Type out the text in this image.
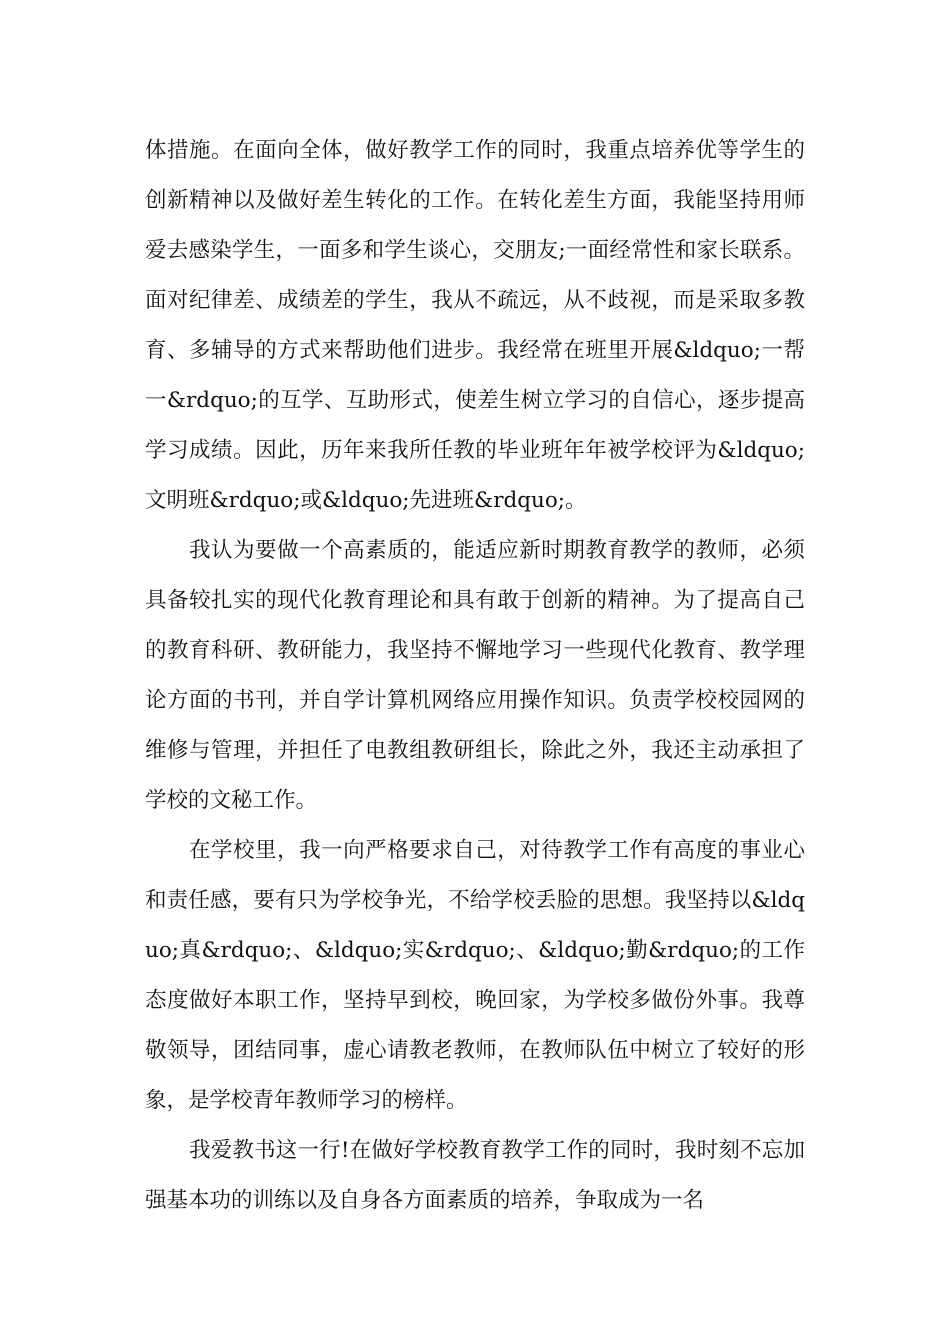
体措施。在面向全体，做好教学工作的同时，我重点培养优等学生的创新精神以及做好差生转化的工作。在转化差生方面，我能坚持用师爱去感染学生，一面多和学生谈心，交朋友;一面经常性和家长联系。面对纪律差、成绩差的学生，我从不疏远，从不歧视，而是采取多教育、多辅导的方式来帮助他们进步。我经常在班里开展&ldquo;一帮一&rdquo;的互学、互助形式，使差生树立学习的自信心，逐步提高学习成绩。因此，历年来我所任教的毕业班年年被学校评为&ldquo;文明班&rdquo;或&ldquo;先进班&rdquo;。

我认为要做一个高素质的，能适应新时期教育教学的教师，必须具备较扎实的现代化教育理论和具有敢于创新的精神。为了提高自己的教育科研、教研能力，我坚持不懈地学习一些现代化教育、教学理论方面的书刊，并自学计算机网络应用操作知识。负责学校校园网的维修与管理，并担任了电教组教研组长，除此之外，我还主动承担了学校的文秘工作。

在学校里，我一向严格要求自己，对待教学工作有高度的事业心和责任感，要有只为学校争光，不给学校丢脸的思想。我坚持以&ldquo;真&rdquo;、&ldquo;实&rdquo;、&ldquo;勤&rdquo;的工作态度做好本职工作，坚持早到校，晚回家，为学校多做份外事。我尊敬领导，团结同事，虚心请教老教师，在教师队伍中树立了较好的形象，是学校青年教师学习的榜样。

我爱教书这一行!在做好学校教育教学工作的同时，我时刻不忘加强基本功的训练以及自身各方面素质的培养，争取成为一名
